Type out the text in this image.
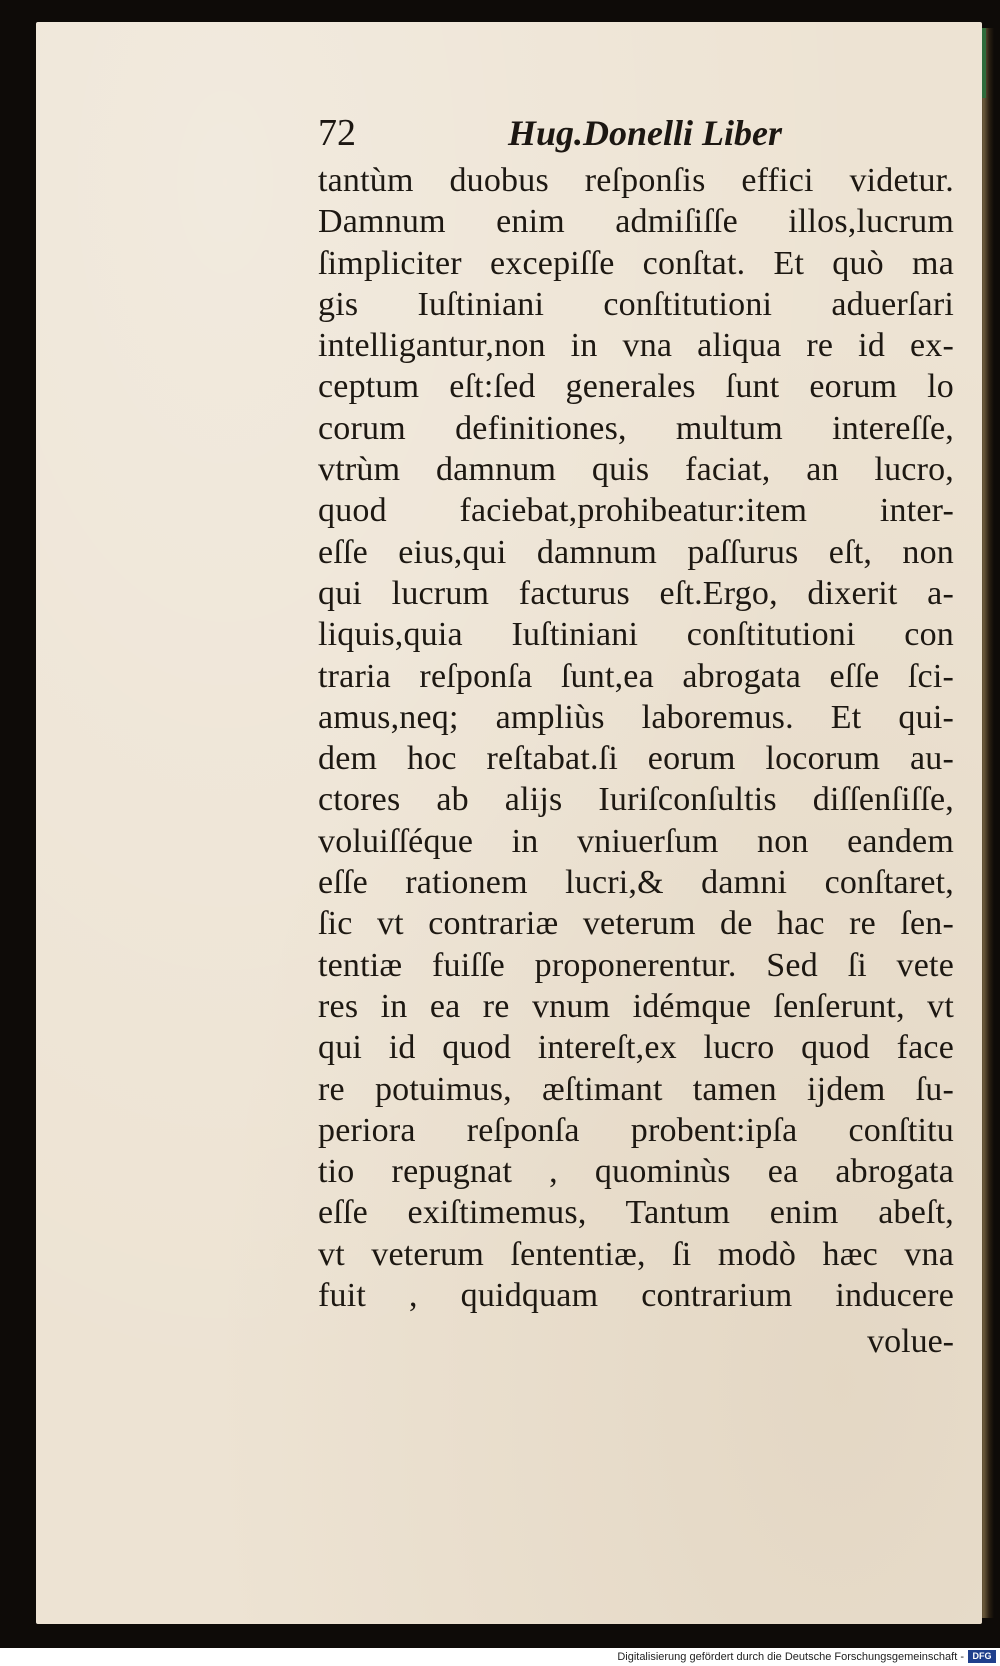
72	Hug.Donelli Liber
tantùm duobus reſponſis effici videtur.
Damnum enim admiſiſſe illos,lucrum
ſimpliciter excepiſſe conſtat. Et quò ma
gis Iuſtiniani conſtitutioni aduerſari
intelligantur,non in vna aliqua re id ex-
ceptum eſt:ſed generales ſunt eorum lo
corum definitiones, multum intereſſe,
vtrùm damnum quis faciat, an lucro,
quod faciebat,prohibeatur:item inter-
eſſe eius,qui damnum paſſurus eſt, non
qui lucrum facturus eſt.Ergo, dixerit a-
liquis,quia Iuſtiniani conſtitutioni con
traria reſponſa ſunt,ea abrogata eſſe ſci-
amus,neq; ampliùs laboremus. Et qui-
dem hoc reſtabat.ſi eorum locorum au-
ctores ab alijs Iuriſconſultis diſſenſiſſe,
voluiſſéque in vniuerſum non eandem
eſſe rationem lucri,& damni conſtaret,
ſic vt contrariæ veterum de hac re ſen-
tentiæ fuiſſe proponerentur. Sed ſi vete
res in ea re vnum idémque ſenſerunt, vt
qui id quod intereſt,ex lucro quod face
re potuimus, æſtimant tamen ijdem ſu-
periora reſponſa probent:ipſa conſtitu
tio repugnat , quominùs ea abrogata
eſſe exiſtimemus, Tantum enim abeſt,
vt veterum ſententiæ, ſi modò hæc vna
fuit , quidquam contrarium inducere
volue-
Digitalisierung gefördert durch die Deutsche Forschungsgemeinschaft - DFG
